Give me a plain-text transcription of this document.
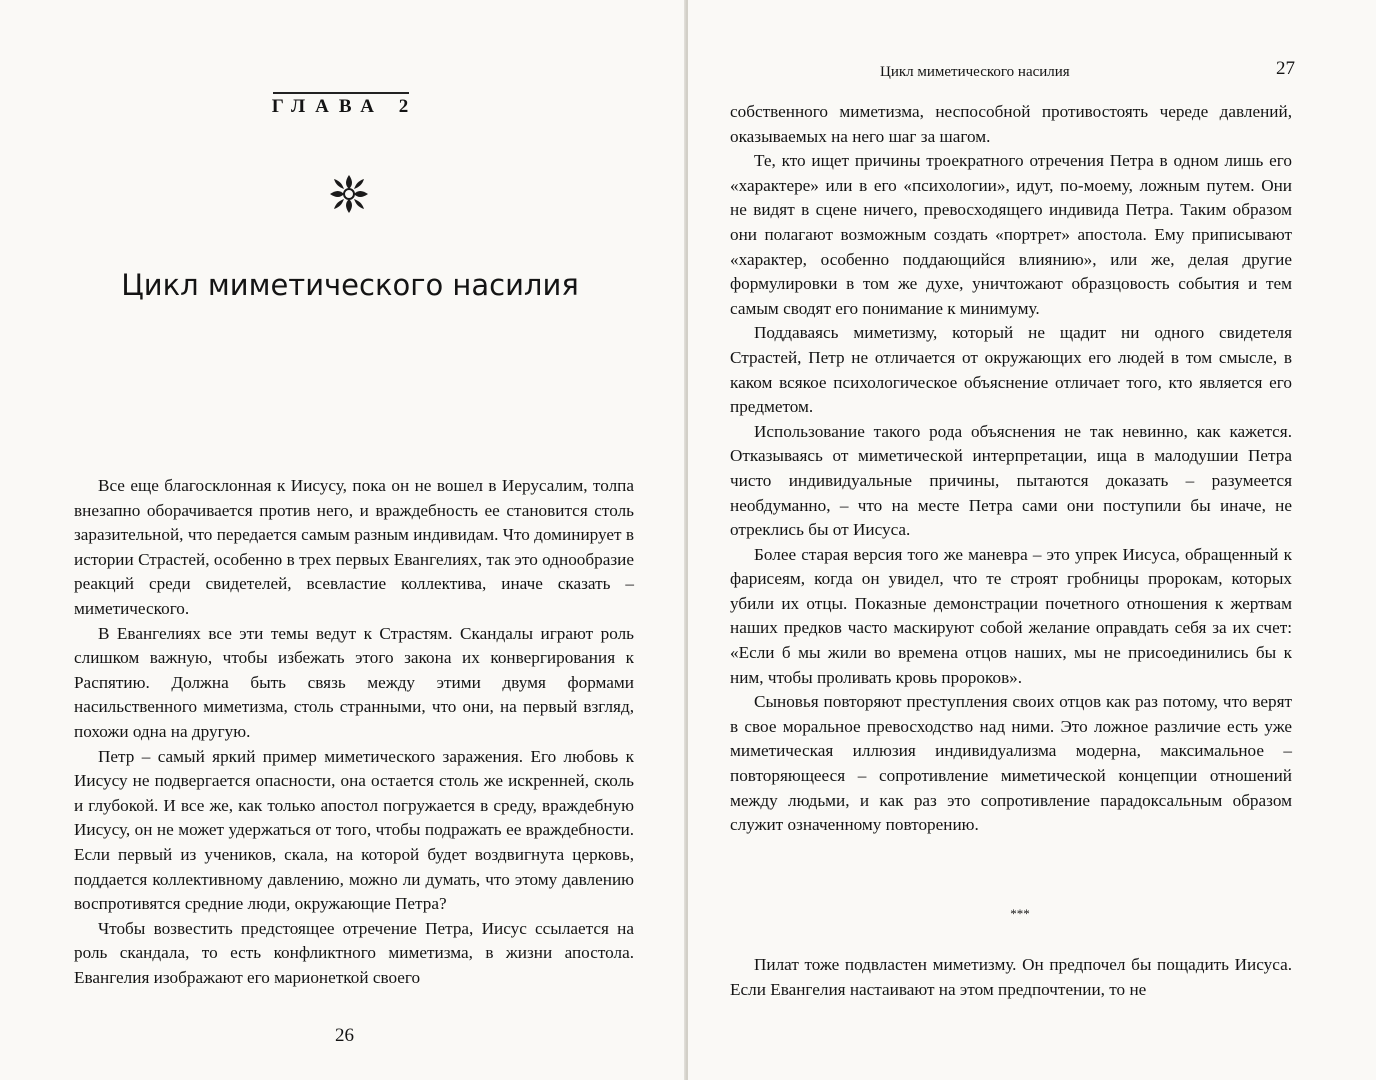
ГЛАВА 2
Цикл миметического насилия

Все еще благосклонная к Иисусу, пока он не вошел в Иерусалим, толпа внезапно оборачивается против него, и враждебность ее становится столь заразительной, что передается самым разным индивидам. Что доминирует в истории Страстей, особенно в трех первых Евангелиях, так это однообразие реакций среди свидетелей, всевластие коллектива, иначе сказать – миметического.

В Евангелиях все эти темы ведут к Страстям. Скандалы играют роль слишком важную, чтобы избежать этого закона их конвергирования к Распятию. Должна быть связь между этими двумя формами насильственного миметизма, столь странными, что они, на первый взгляд, похожи одна на другую.

Петр – самый яркий пример миметического заражения. Его любовь к Иисусу не подвергается опасности, она остается столь же искренней, сколь и глубокой. И все же, как только апостол погружается в среду, враждебную Иисусу, он не может удержаться от того, чтобы подражать ее враждебности. Если первый из учеников, скала, на которой будет воздвигнута церковь, поддается коллективному давлению, можно ли думать, что этому давлению воспротивятся средние люди, окружающие Петра?

Чтобы возвестить предстоящее отречение Петра, Иисус ссылается на роль скандала, то есть конфликтного миметизма, в жизни апостола. Евангелия изображают его марионеткой своего

26
Цикл миметического насилия	27

собственного миметизма, неспособной противостоять череде давлений, оказываемых на него шаг за шагом.

Те, кто ищет причины троекратного отречения Петра в одном лишь его «характере» или в его «психологии», идут, по-моему, ложным путем. Они не видят в сцене ничего, превосходящего индивида Петра. Таким образом они полагают возможным создать «портрет» апостола. Ему приписывают «характер, особенно поддающийся влиянию», или же, делая другие формулировки в том же духе, уничтожают образцовость события и тем самым сводят его понимание к минимуму.

Поддаваясь миметизму, который не щадит ни одного свидетеля Страстей, Петр не отличается от окружающих его людей в том смысле, в каком всякое психологическое объяснение отличает того, кто является его предметом.

Использование такого рода объяснения не так невинно, как кажется. Отказываясь от миметической интерпретации, ища в малодушии Петра чисто индивидуальные причины, пытаются доказать – разумеется необдуманно, – что на месте Петра сами они поступили бы иначе, не отреклись бы от Иисуса.

Более старая версия того же маневра – это упрек Иисуса, обращенный к фарисеям, когда он увидел, что те строят гробницы пророкам, которых убили их отцы. Показные демонстрации почетного отношения к жертвам наших предков часто маскируют собой желание оправдать себя за их счет: «Если б мы жили во времена отцов наших, мы не присоединились бы к ним, чтобы проливать кровь пророков».

Сыновья повторяют преступления своих отцов как раз потому, что верят в свое моральное превосходство над ними. Это ложное различие есть уже миметическая иллюзия индивидуализма модерна, максимальное – повторяющееся – сопротивление миметической концепции отношений между людьми, и как раз это сопротивление парадоксальным образом служит означенному повторению.

***

Пилат тоже подвластен миметизму. Он предпочел бы пощадить Иисуса. Если Евангелия настаивают на этом предпочтении, то не
